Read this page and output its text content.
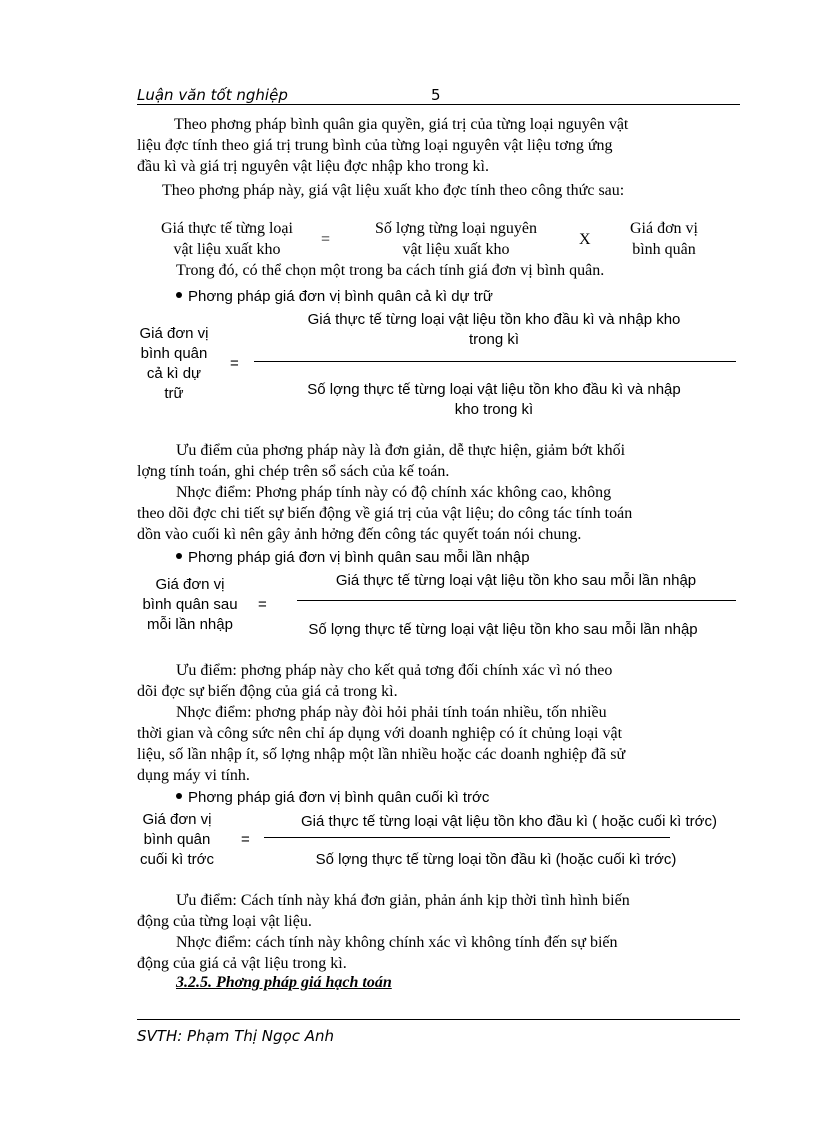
Luận văn tốt nghiệp	5
Theo phơng pháp bình quân gia quyền, giá trị của từng loại nguyên vật
liệu đợc tính theo giá trị trung bình của từng loại nguyên vật liệu tơng ứng
đầu kì và giá trị nguyên vật liệu đợc nhập kho trong kì.
Theo phơng pháp này, giá vật liệu xuất kho đợc tính theo công thức sau:
Giá thực tế từng loại
vật liệu xuất kho
=
Số lợng từng loại nguyên
vật liệu xuất kho
X
Giá đơn vị
bình quân
Trong đó, có thể chọn một trong ba cách tính giá đơn vị bình quân.
Phơng pháp giá đơn vị bình quân cả kì dự trữ
Giá đơn vị
bình quân
cả kì dự
trữ
=
Giá thực tế từng loại vật liệu tồn kho đầu kì và nhập kho
trong kì
Số lợng thực tế từng loại vật liệu tồn kho đầu kì và nhập
kho trong kì
Ưu điểm của phơng pháp này là đơn giản, dễ thực hiện, giảm bớt khối
lợng tính toán, ghi chép trên sổ sách của kế toán.
Nhợc điểm: Phơng pháp tính này có độ chính xác không cao, không
theo dõi đợc chi tiết sự biến động về giá trị của vật liệu; do công tác tính toán
dồn vào cuối kì nên gây ảnh hởng đến công tác quyết toán nói chung.
Phơng pháp giá đơn vị bình quân sau mỗi lần nhập
Giá đơn vị
bình quân sau
mỗi lần nhập
=
Giá thực tế từng loại vật liệu tồn kho sau mỗi lần nhập
Số lợng thực tế từng loại vật liệu tồn kho sau mỗi lần nhập
Ưu điểm: phơng pháp này cho kết quả tơng đối chính xác vì nó theo
dõi đợc sự biến động của giá cả trong kì.
Nhợc điểm: phơng pháp này đòi hỏi phải tính toán nhiều, tốn nhiều
thời gian và công sức nên chỉ áp dụng với doanh nghiệp có ít chủng loại vật
liệu, số lần nhập ít, số lợng nhập một lần nhiều hoặc các doanh nghiệp đã sử
dụng máy vi tính.
Phơng pháp giá đơn vị bình quân cuối kì trớc
Giá đơn vị
bình quân
cuối kì trớc
=
Giá thực tế từng loại vật liệu tồn kho đầu kì ( hoặc cuối kì trớc)
Số lợng thực tế từng loại tồn đầu kì (hoặc cuối kì trớc)
Ưu điểm: Cách tính này khá đơn giản, phản ánh kịp thời tình hình biến
động của từng loại vật liệu.
Nhợc điểm: cách tính này không chính xác vì không tính đến sự biến
động của giá cả vật liệu trong kì.
3.2.5. Phơng pháp giá hạch toán
SVTH: Phạm Thị Ngọc Anh
